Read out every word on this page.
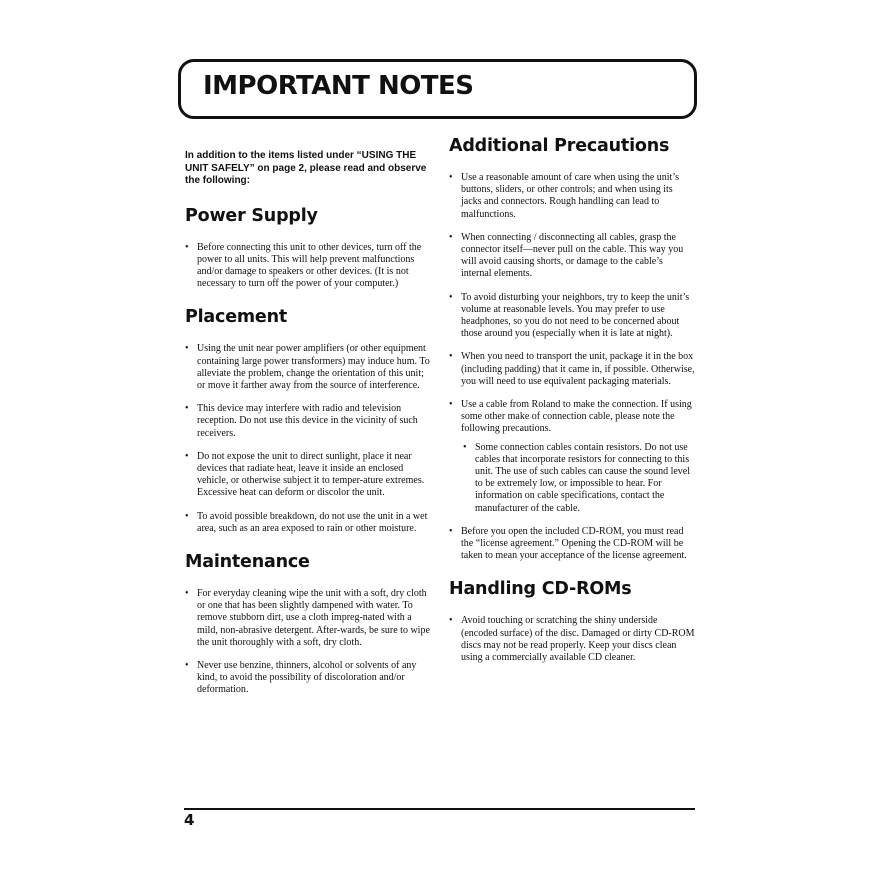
IMPORTANT NOTES

In addition to the items listed under “USING THE UNIT SAFELY” on page 2, please read and observe the following:

Power Supply
• Before connecting this unit to other devices, turn off the power to all units. This will help prevent malfunctions and/or damage to speakers or other devices. (It is not necessary to turn off the power of your computer.)
Placement
• Using the unit near power amplifiers (or other equipment containing large power transformers) may induce hum. To alleviate the problem, change the orientation of this unit; or move it farther away from the source of interference.
• This device may interfere with radio and television reception. Do not use this device in the vicinity of such receivers.
• Do not expose the unit to direct sunlight, place it near devices that radiate heat, leave it inside an enclosed vehicle, or otherwise subject it to temper-ature extremes. Excessive heat can deform or discolor the unit.
• To avoid possible breakdown, do not use the unit in a wet area, such as an area exposed to rain or other moisture.
Maintenance
• For everyday cleaning wipe the unit with a soft, dry cloth or one that has been slightly dampened with water. To remove stubborn dirt, use a cloth impreg-nated with a mild, non-abrasive detergent. After-wards, be sure to wipe the unit thoroughly with a soft, dry cloth.
• Never use benzine, thinners, alcohol or solvents of any kind, to avoid the possibility of discoloration and/or deformation.
Additional Precautions
• Use a reasonable amount of care when using the unit’s buttons, sliders, or other controls; and when using its jacks and connectors. Rough handling can lead to malfunctions.
• When connecting / disconnecting all cables, grasp the connector itself—never pull on the cable. This way you will avoid causing shorts, or damage to the cable’s internal elements.
• To avoid disturbing your neighbors, try to keep the unit’s volume at reasonable levels. You may prefer to use headphones, so you do not need to be concerned about those around you (especially when it is late at night).
• When you need to transport the unit, package it in the box (including padding) that it came in, if possible. Otherwise, you will need to use equivalent packaging materials.
• Use a cable from Roland to make the connection. If using some other make of connection cable, please note the following precautions.
• Some connection cables contain resistors. Do not use cables that incorporate resistors for connecting to this unit. The use of such cables can cause the sound level to be extremely low, or impossible to hear. For information on cable specifications, contact the manufacturer of the cable.
• Before you open the included CD-ROM, you must read the “license agreement.” Opening the CD-ROM will be taken to mean your acceptance of the license agreement.
Handling CD-ROMs
• Avoid touching or scratching the shiny underside (encoded surface) of the disc. Damaged or dirty CD-ROM discs may not be read properly. Keep your discs clean using a commercially available CD cleaner.
4
